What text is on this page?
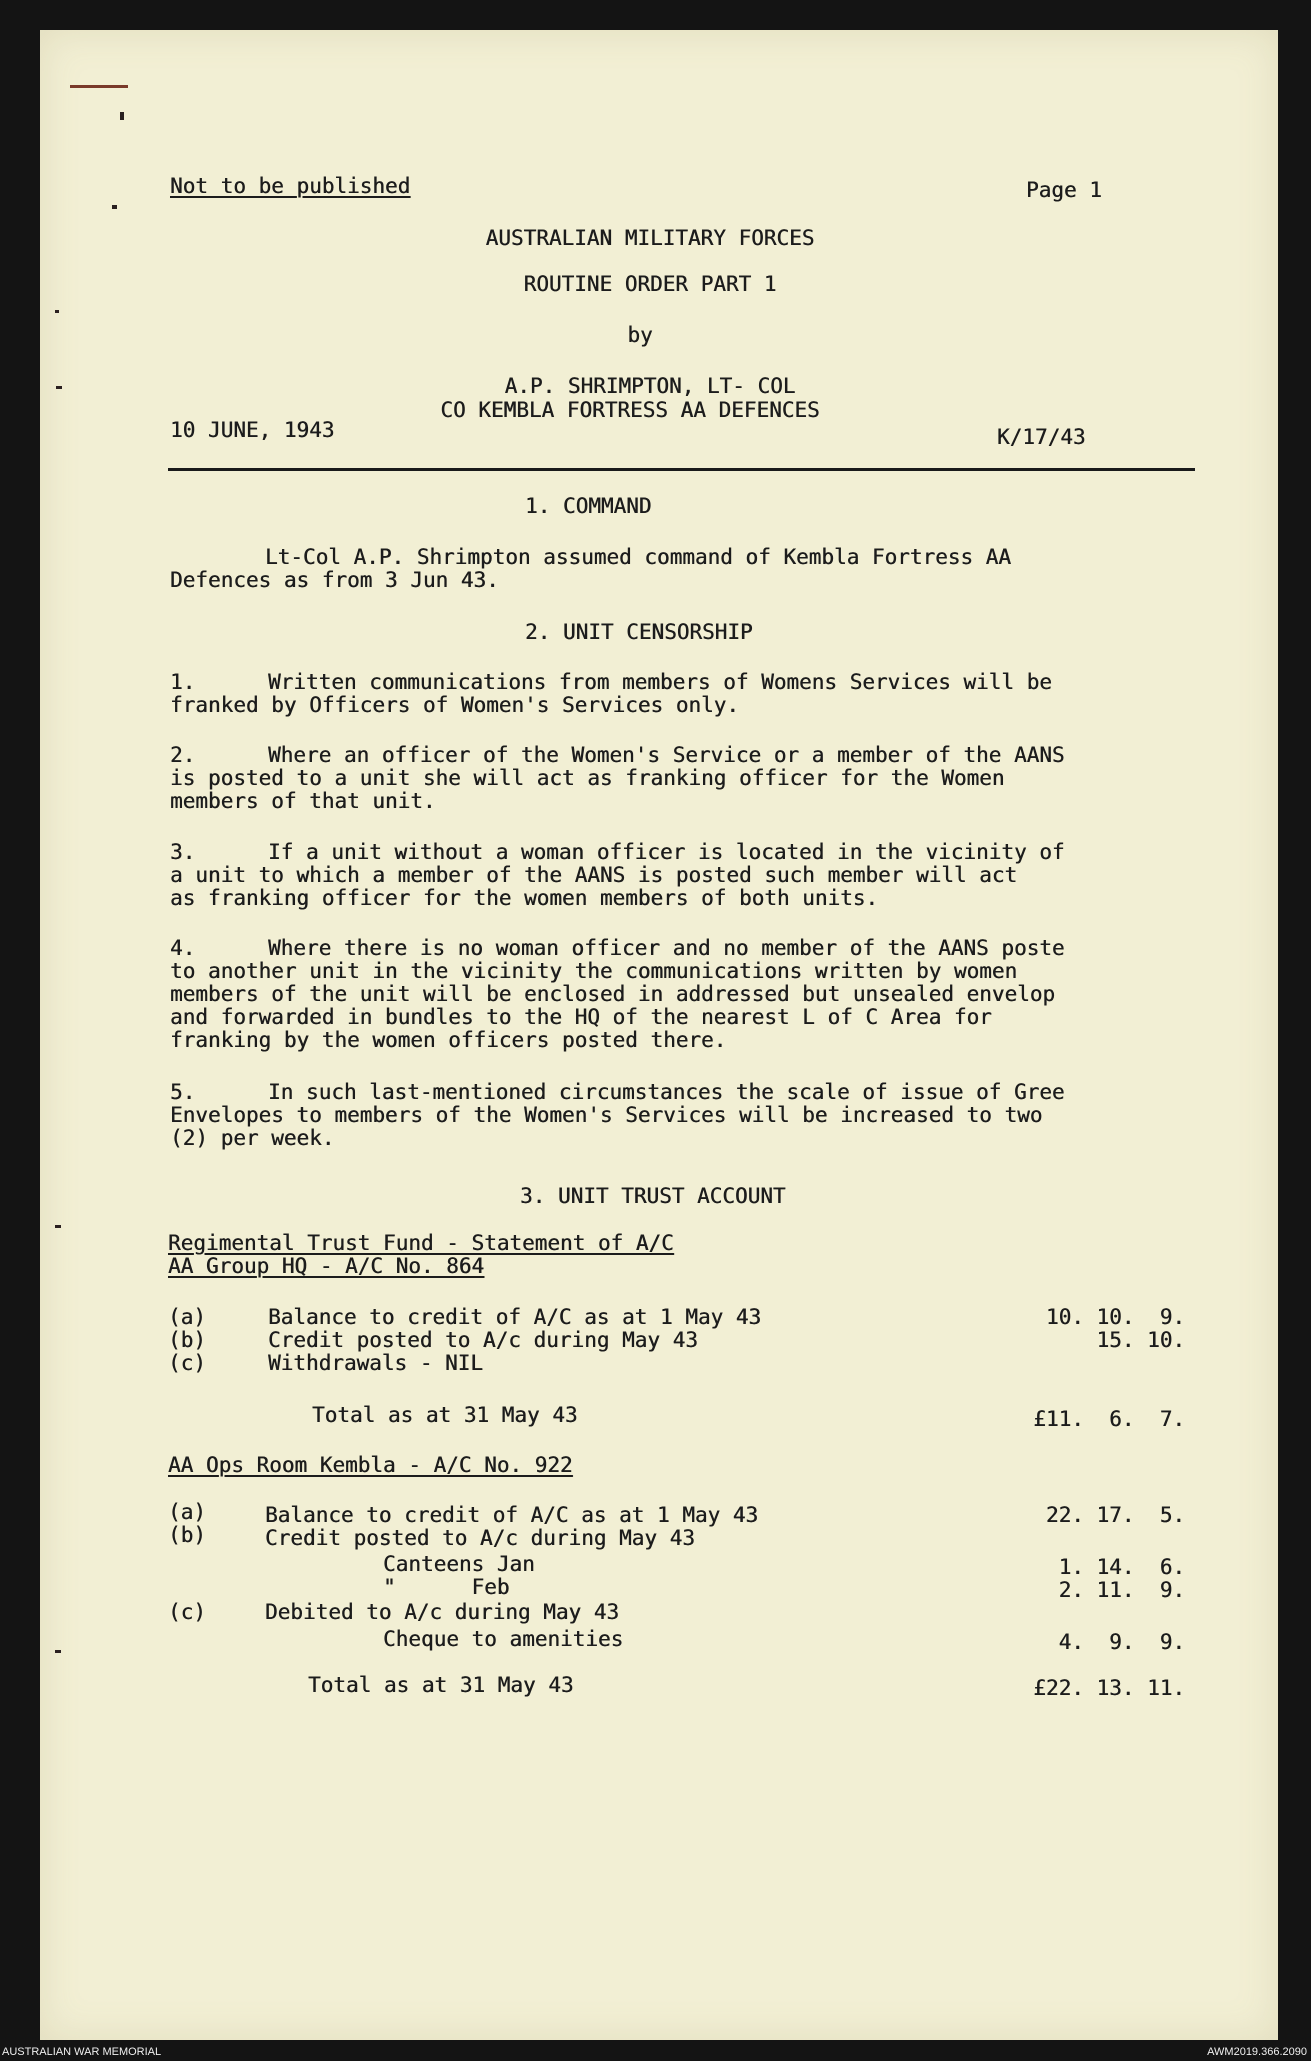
Not to be published	Page 1
AUSTRALIAN MILITARY FORCES
ROUTINE ORDER PART 1
by
A.P. SHRIMPTON, LT- COL
CO KEMBLA FORTRESS AA DEFENCES
10 JUNE, 1943	K/17/43
1. COMMAND
Lt-Col A.P. Shrimpton assumed command of Kembla Fortress AA
Defences as from 3 Jun 43.
2. UNIT CENSORSHIP
1.	Written communications from members of Womens Services will be
franked by Officers of Women's Services only.
2.	Where an officer of the Women's Service or a member of the AANS
is posted to a unit she will act as franking officer for the Women
members of that unit.
3.	If a unit without a woman officer is located in the vicinity of
a unit to which a member of the AANS is posted such member will act
as franking officer for the women members of both units.
4.	Where there is no woman officer and no member of the AANS poste
to another unit in the vicinity the communications written by women
members of the unit will be enclosed in addressed but unsealed envelop
and forwarded in bundles to the HQ of the nearest L of C Area for
franking by the women officers posted there.
5.	In such last-mentioned circumstances the scale of issue of Gree
Envelopes to members of the Women's Services will be increased to two
(2) per week.
3. UNIT TRUST ACCOUNT
Regimental Trust Fund - Statement of A/C
AA Group HQ - A/C No. 864
(a)	Balance to credit of A/C as at 1 May 43	10. 10.  9.
(b)	Credit posted to A/c during May 43	15. 10.
(c)	Withdrawals - NIL
Total as at 31 May 43	£11.  6.  7.
AA Ops Room Kembla - A/C No. 922
(a)	Balance to credit of A/C as at 1 May 43	22. 17.  5.
(b)	Credit posted to A/c during May 43
Canteens Jan	1. 14.  6.
"      Feb	2. 11.  9.
(c)	Debited to A/c during May 43
Cheque to amenities	4.  9.  9.
Total as at 31 May 43	£22. 13. 11.
AUSTRALIAN WAR MEMORIAL	AWM2019.366.2090
